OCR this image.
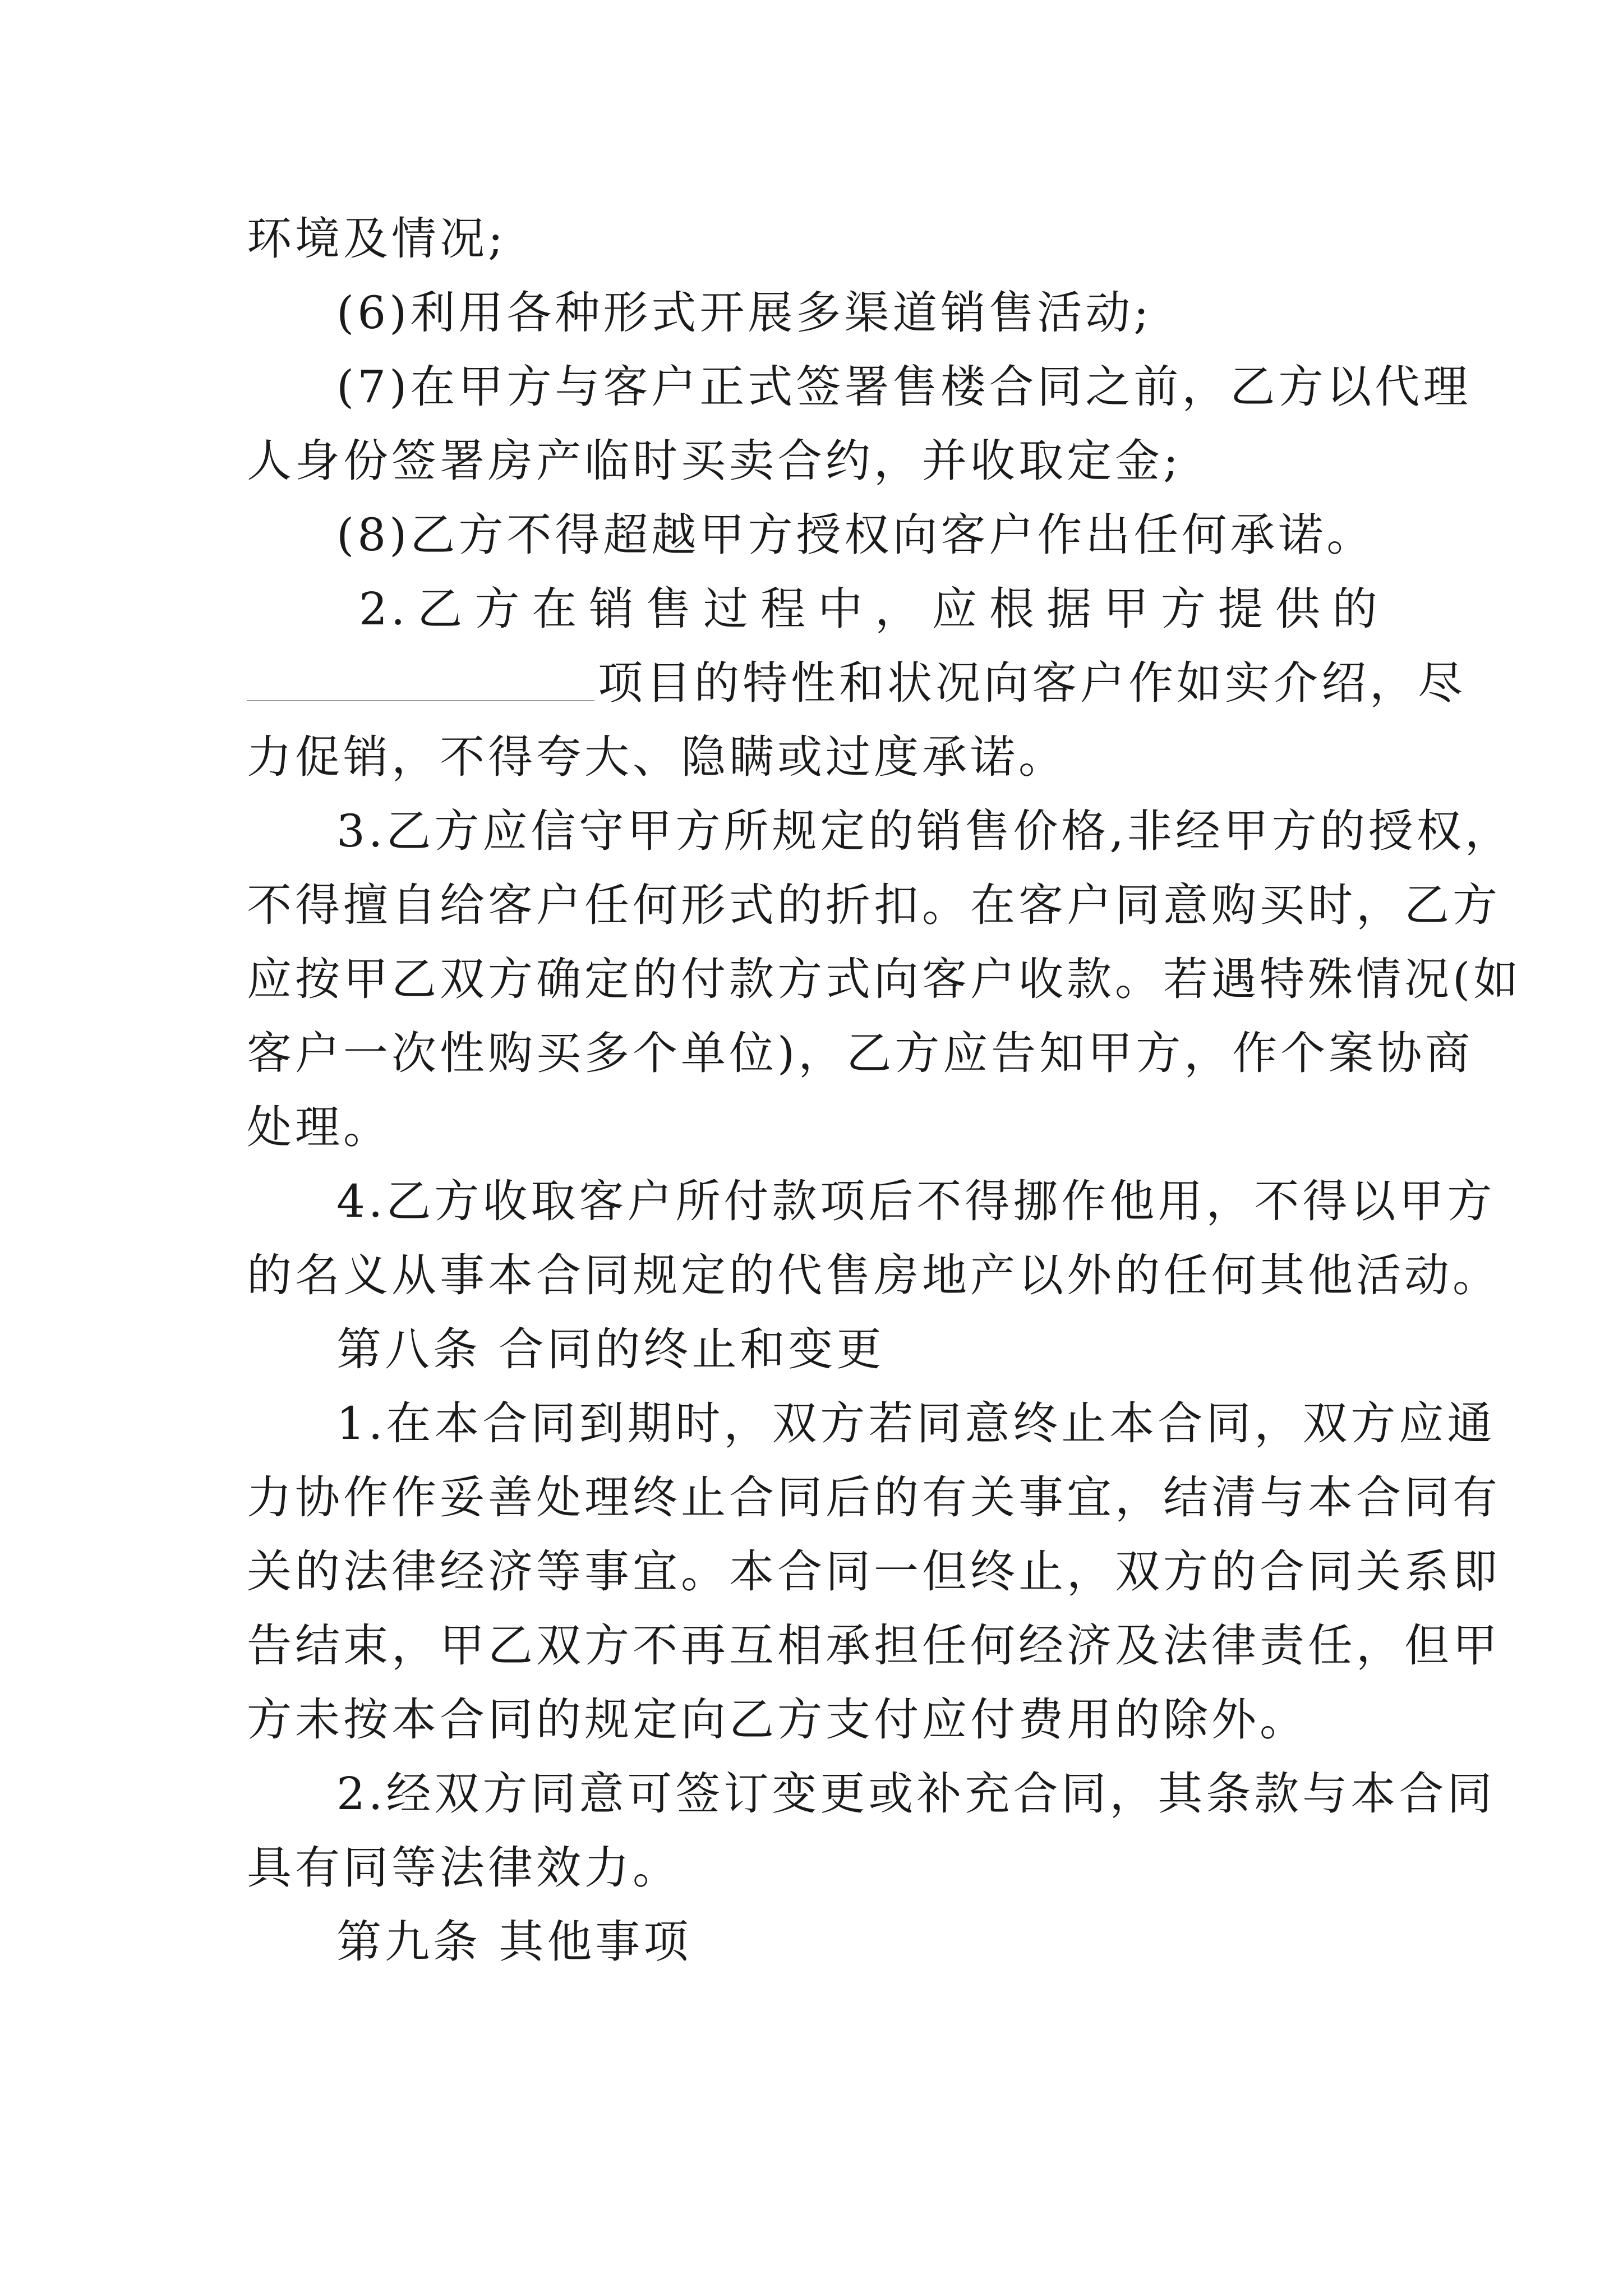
环境及情况;
(6)利用各种形式开展多渠道销售活动;
(7)在甲方与客户正式签署售楼合同之前，乙方以代理
人身份签署房产临时买卖合约，并收取定金;
(8)乙方不得超越甲方授权向客户作出任何承诺。
2. 乙 方 在 销 售 过 程 中 ， 应 根 据 甲 方 提 供 的
项目的特性和状况向客户作如实介绍，尽
力促销，不得夸大、隐瞒或过度承诺。
3.乙方应信守甲方所规定的销售价格,非经甲方的授权，
不得擅自给客户任何形式的折扣。在客户同意购买时，乙方
应按甲乙双方确定的付款方式向客户收款。若遇特殊情况(如
客户一次性购买多个单位)，乙方应告知甲方，作个案协商
处理。
4.乙方收取客户所付款项后不得挪作他用，不得以甲方
的名义从事本合同规定的代售房地产以外的任何其他活动。
第八条 合同的终止和变更
1.在本合同到期时，双方若同意终止本合同，双方应通
力协作作妥善处理终止合同后的有关事宜，结清与本合同有
关的法律经济等事宜。本合同一但终止，双方的合同关系即
告结束，甲乙双方不再互相承担任何经济及法律责任，但甲
方未按本合同的规定向乙方支付应付费用的除外。
2.经双方同意可签订变更或补充合同，其条款与本合同
具有同等法律效力。
第九条 其他事项
